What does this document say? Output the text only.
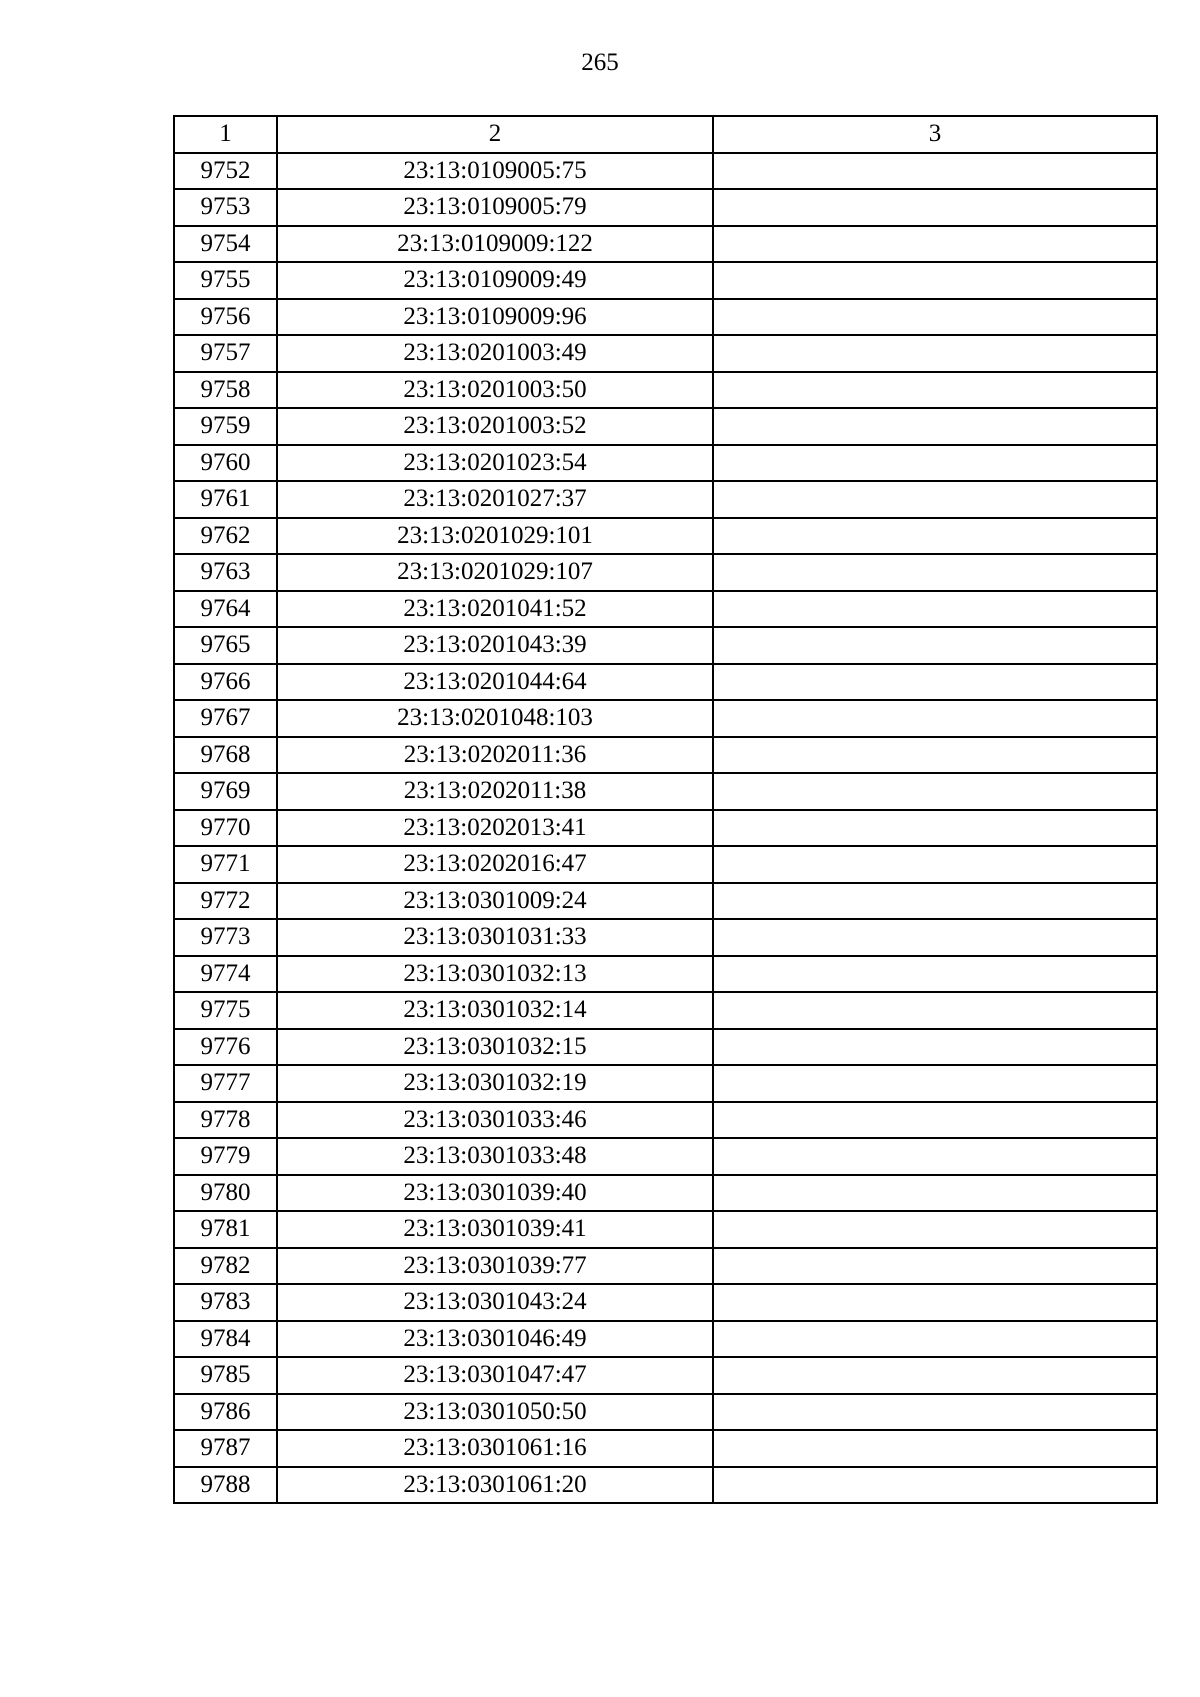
265
1	2	3
9752	23:13:0109005:75	
9753	23:13:0109005:79	
9754	23:13:0109009:122	
9755	23:13:0109009:49	
9756	23:13:0109009:96	
9757	23:13:0201003:49	
9758	23:13:0201003:50	
9759	23:13:0201003:52	
9760	23:13:0201023:54	
9761	23:13:0201027:37	
9762	23:13:0201029:101	
9763	23:13:0201029:107	
9764	23:13:0201041:52	
9765	23:13:0201043:39	
9766	23:13:0201044:64	
9767	23:13:0201048:103	
9768	23:13:0202011:36	
9769	23:13:0202011:38	
9770	23:13:0202013:41	
9771	23:13:0202016:47	
9772	23:13:0301009:24	
9773	23:13:0301031:33	
9774	23:13:0301032:13	
9775	23:13:0301032:14	
9776	23:13:0301032:15	
9777	23:13:0301032:19	
9778	23:13:0301033:46	
9779	23:13:0301033:48	
9780	23:13:0301039:40	
9781	23:13:0301039:41	
9782	23:13:0301039:77	
9783	23:13:0301043:24	
9784	23:13:0301046:49	
9785	23:13:0301047:47	
9786	23:13:0301050:50	
9787	23:13:0301061:16	
9788	23:13:0301061:20	
